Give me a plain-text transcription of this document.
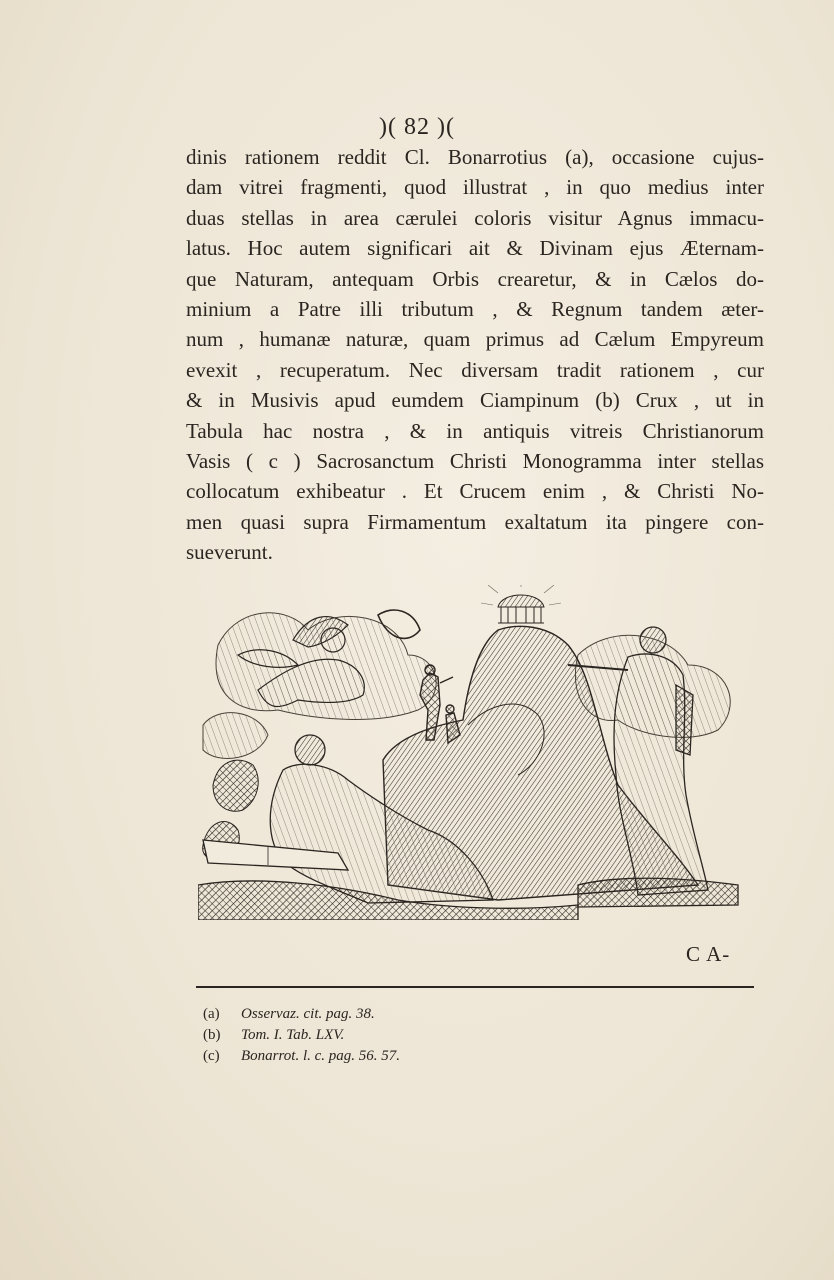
)( 82 )(
dinis rationem reddit Cl. Bonarrotius (a), occasione cujus-
dam vitrei fragmenti, quod illustrat , in quo medius inter
duas stellas in area cærulei coloris visitur Agnus immacu-
latus. Hoc autem significari ait & Divinam ejus Æternam-
que Naturam, antequam Orbis crearetur, & in Cælos do-
minium a Patre illi tributum , & Regnum tandem æter-
num , humanæ naturæ, quam primus ad Cælum Empyreum
evexit , recuperatum. Nec diversam tradit rationem , cur
& in Musivis apud eumdem Ciampinum (b) Crux , ut in
Tabula hac nostra , & in antiquis vitreis Christianorum
Vasis ( c ) Sacrosanctum Christi Monogramma inter stellas
collocatum exhibeatur . Et Crucem enim , & Christi No-
men quasi supra Firmamentum exaltatum ita pingere con-
sueverunt.
C A-
(a) Osservaz. cit. pag. 38.
(b) Tom. I. Tab. LXV.
(c) Bonarrot. l. c. pag. 56. 57.
